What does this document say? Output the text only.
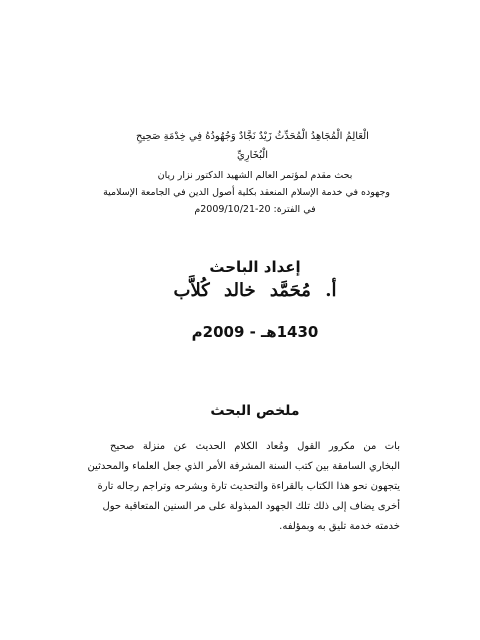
الْعَالِمُ الْمُجَاهِدُ الْمُحَدِّثُ زَيْدٌ نَجَّادٌ وَجُهُودُهُ فِي خِدْمَةِ صَحِيحِ
الْبُخَارِيِّ
بحث مقدم لمؤتمر العالم الشهيد الدكتور نزار ريان
وجهوده في خدمة الإسلام المنعقد بكلية أصول الدين في الجامعة الإسلامية
في الفترة: 20-2009/10/21م
إعداد الباحث
أ. مُحَمَّد خالد كُلاَّب
1430هـ - 2009م
ملخص البحث
بات من مكرور القول ومُعاد الكلام الحديث عن منزلة صحيح
البخاري السامقة بين كتب السنة المشرفة الأمر الذي جعل العلماء والمحدثين
يتجهون نحو هذا الكتاب بالقراءة والتحديث تارة وبشرحه وتراجم رجاله تارة
أخرى يضاف إلى ذلك تلك الجهود المبذولة على مر السنين المتعاقبة حول
خدمته خدمة تليق به وبمؤلفه.
